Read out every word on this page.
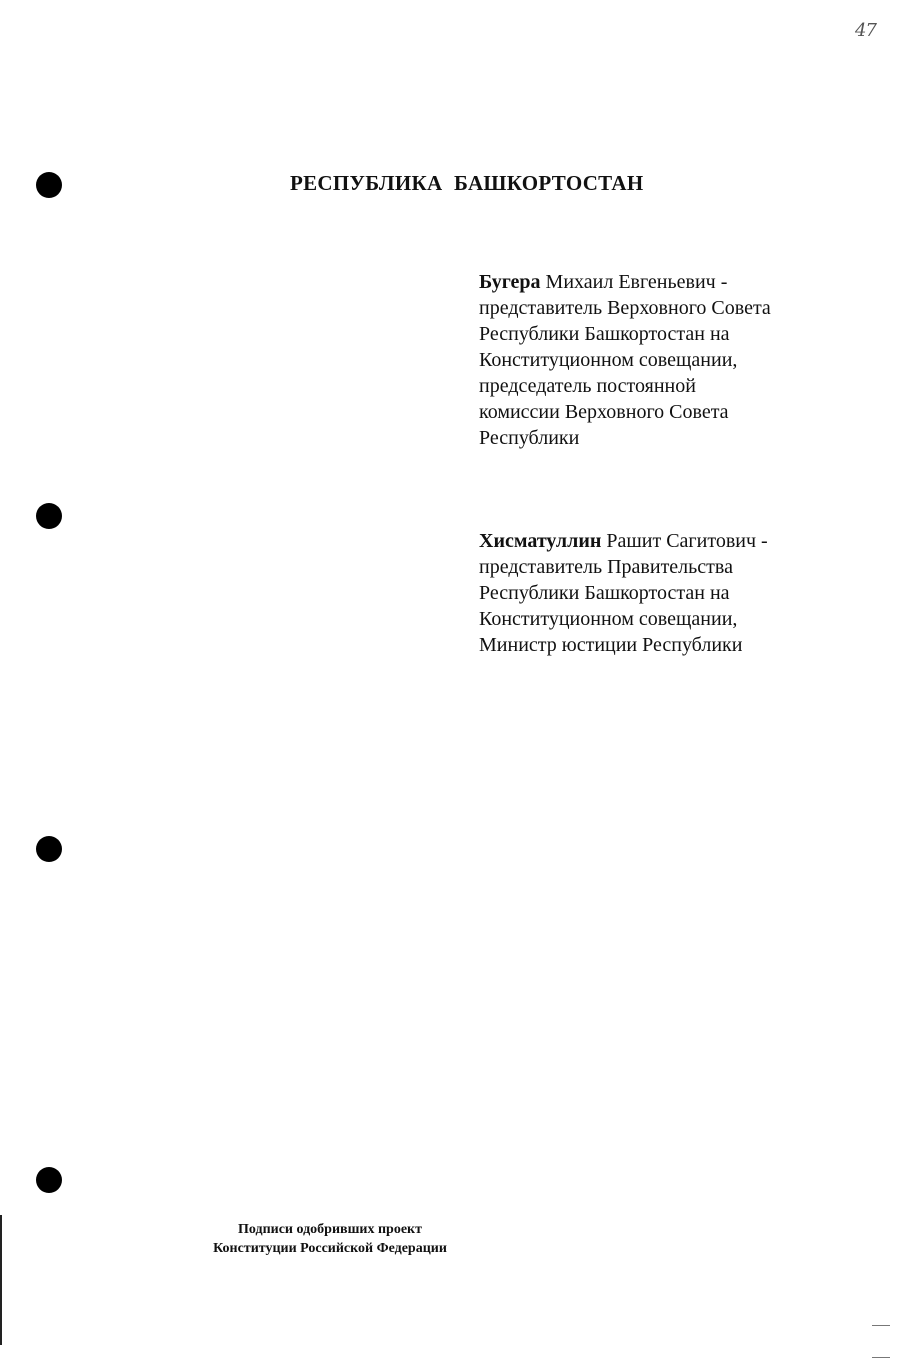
47
РЕСПУБЛИКА БАШКОРТОСТАН
Бугера Михаил Евгеньевич -
представитель Верховного Совета
Республики Башкортостан на
Конституционном совещании,
председатель постоянной
комиссии Верховного Совета
Республики
Хисматуллин Рашит Сагитович -
представитель Правительства
Республики Башкортостан на
Конституционном совещании,
Министр юстиции Республики
Подписи одобривших проект
Конституции Российской Федерации
